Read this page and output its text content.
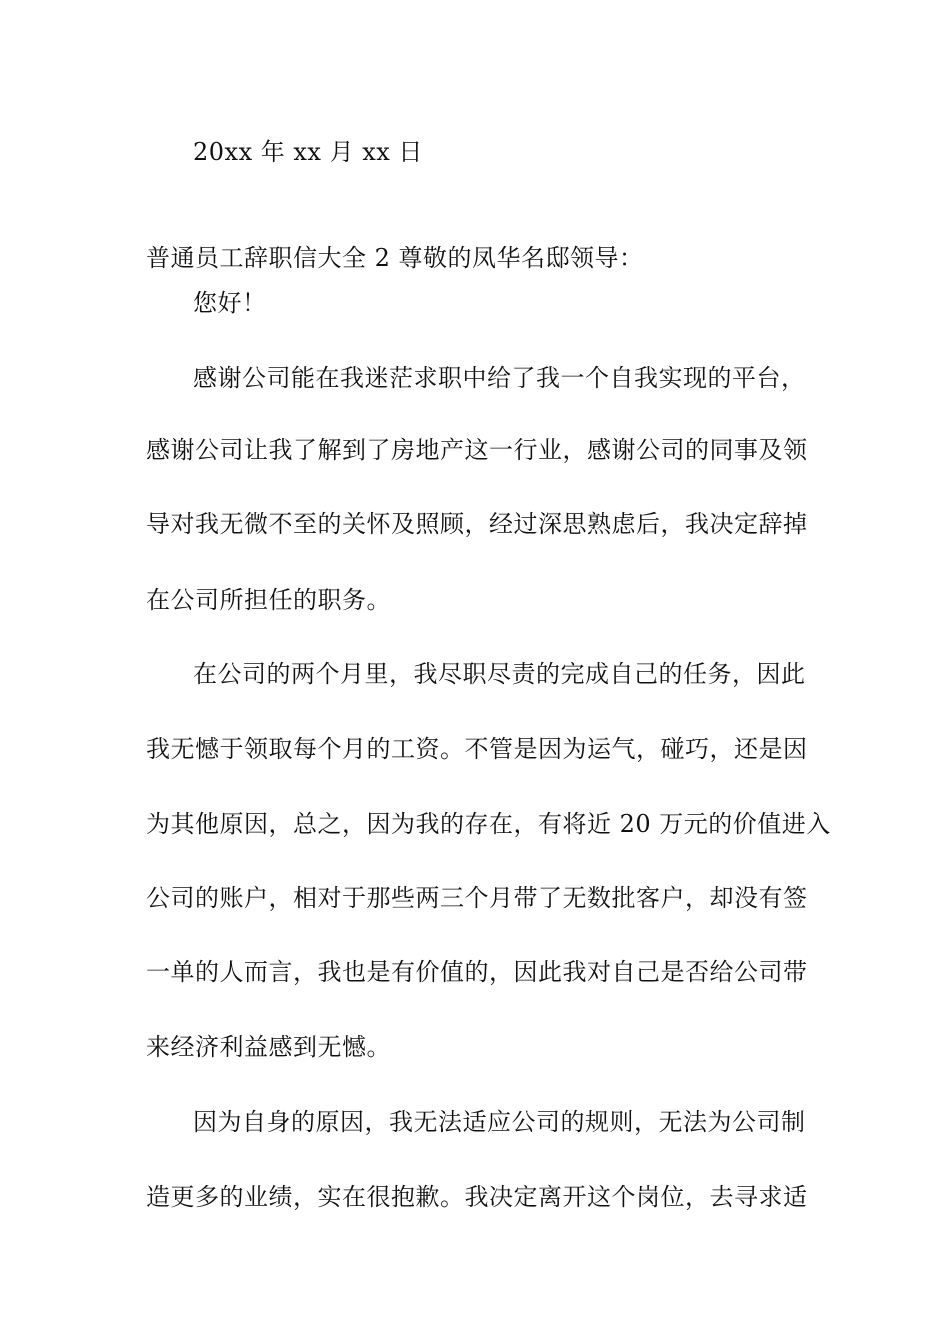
20xx 年 xx 月 xx 日
普通员工辞职信大全 2 尊敬的凤华名邸领导：
您好！
感谢公司能在我迷茫求职中给了我一个自我实现的平台，
感谢公司让我了解到了房地产这一行业，感谢公司的同事及领
导对我无微不至的关怀及照顾，经过深思熟虑后，我决定辞掉
在公司所担任的职务。
在公司的两个月里，我尽职尽责的完成自己的任务，因此
我无憾于领取每个月的工资。不管是因为运气，碰巧，还是因
为其他原因，总之，因为我的存在，有将近 20 万元的价值进入
公司的账户，相对于那些两三个月带了无数批客户，却没有签
一单的人而言，我也是有价值的，因此我对自己是否给公司带
来经济利益感到无憾。
因为自身的原因，我无法适应公司的规则，无法为公司制
造更多的业绩，实在很抱歉。我决定离开这个岗位，去寻求适
